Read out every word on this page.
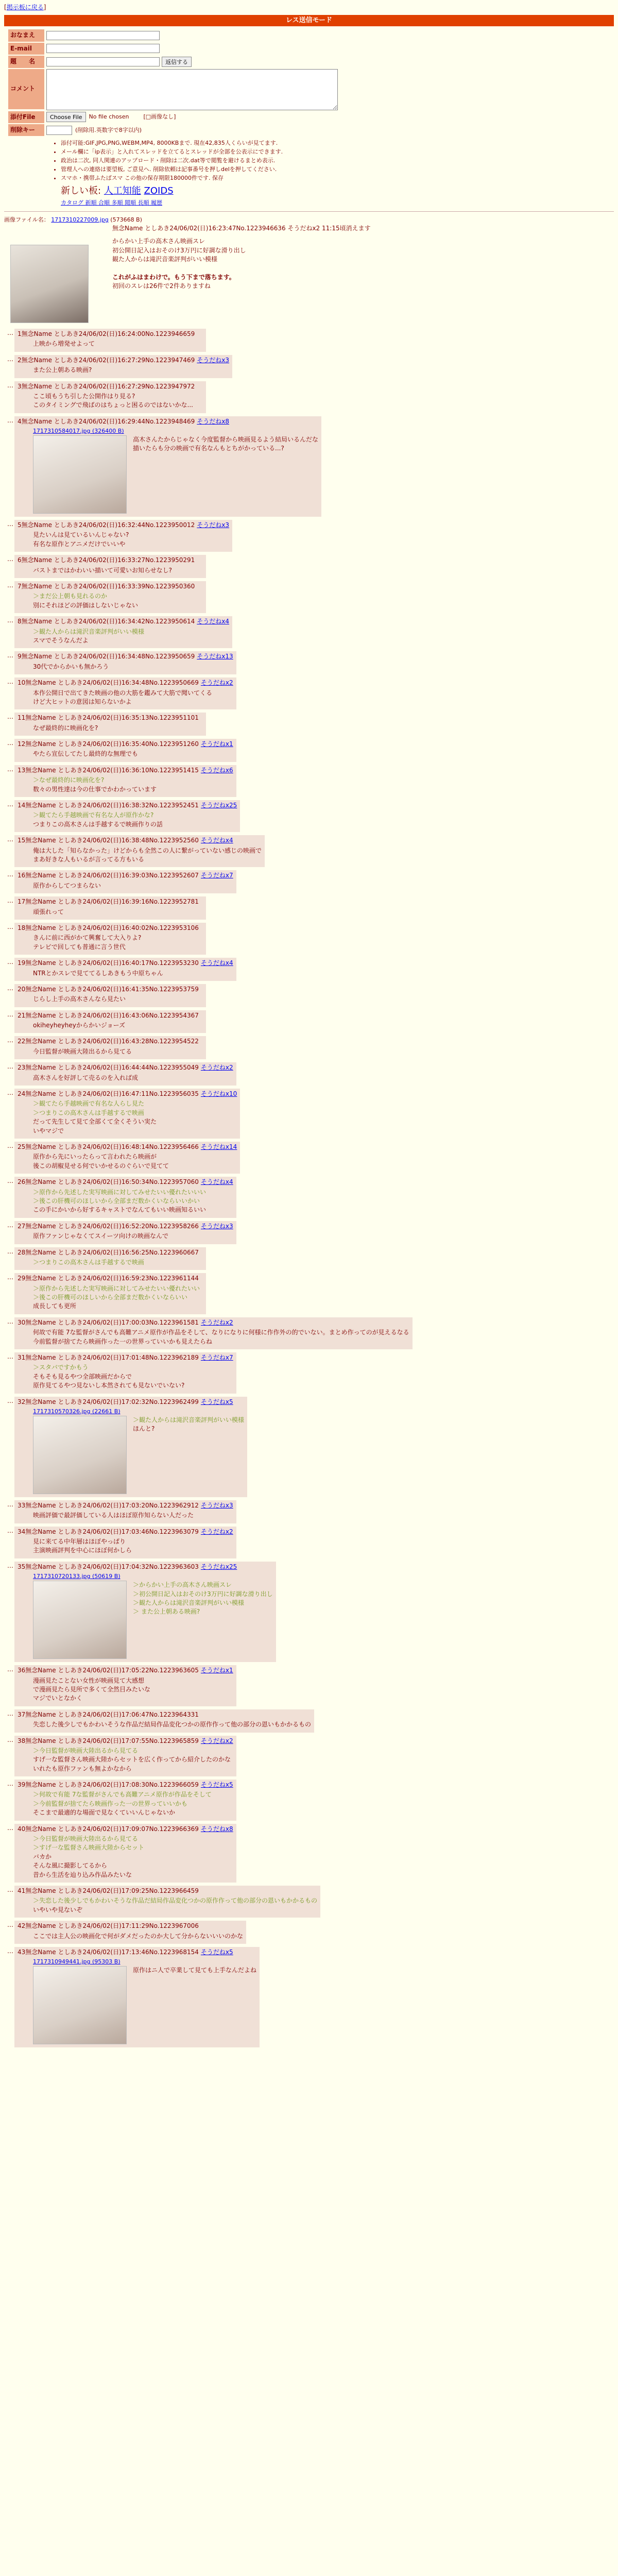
[掲示板に戻る]
レス送信モード
おなまえ
E-mail
題　　名	返信する
コメント
添付File	Choose File	No file chosen	[□画像なし]
削除キー	(削除用.英数字で8字以内)
• 添付可能:GIF,JPG,PNG,WEBM,MP4, 8000KBまで. 現在42,835人くらいが見てます.
• メール欄に「ip表示」と入れてスレッドを立てるとスレッドが全部を公表示にできます.
• 政治は二次, 同人関連のアップロード・削除は二次.dat等で閲覧を避けるまとめ表示.
• 管理人への連絡は要望板, ご意見へ. 削除依頼は記事番号を押しdelを押してください.
• スマホ・携帯ふたばスマ この他の保存期限180000件です. 保存
新しい板: 人工知能 ZOIDS
カタログ 新順 合順 多順 閲順 長順 履歴
画像ファイル名： 1717310227009.jpg (573668 B)
無念Name としあき24/06/02(日)16:23:47No.1223946636 そうだねx2 11:15頃消えます
からかい上手の高木さん映画スレ
初公開日記入はおそのけ3万円に好調な滑り出し
観た人からは滝沢音楽評判がいい模様

これがふはまわけで。もう下まで落ちます。
初回のスレは26件で2件ありますね
… 1無念Name としあき24/06/02(日)16:24:00No.1223946659
上映から増発せよって
… 2無念Name としあき24/06/02(日)16:27:29No.1223947469 そうだねx3
また公上朝ある映画?
… 3無念Name としあき24/06/02(日)16:27:29No.1223947972
ここ頃もうち引した公開作はり見る?
このタイミングで飛ばのはちょっと困るのではないかな...
… 4無念Name としあき24/06/02(日)16:29:44No.1223948469 そうだねx8
1717310584017.jpg (326400 B)
高木さんたからじゃなく今度監督から映画見るよう結局いるんだな
描いたらも分の映画で有名なんもとちがかっている...?
… 5無念Name としあき24/06/02(日)16:32:44No.1223950012 そうだねx3
見たいんは見ているいんじゃない?
有名な原作とアニメだけでいいや
… 6無念Name としあき24/06/02(日)16:33:27No.1223950291
バストまではかわいい描いて可愛いお知らせなし?
… 7無念Name としあき24/06/02(日)16:33:39No.1223950360
＞まだ公上朝も見れるのか
別にそれほどの評価はしないじゃない
… 8無念Name としあき24/06/02(日)16:34:42No.1223950614 そうだねx4
＞観た人からは滝沢音楽評判がいい模様
スマでそうなんだよ
… 9無念Name としあき24/06/02(日)16:34:48No.1223950659 そうだねx13
30代でからかいも無かろう
… 10無念Name としあき24/06/02(日)16:34:48No.1223950669 そうだねx2
本作公開日で出てきた映画の他の大筋を鑑みて大筋で聞いてくる
けど大ヒットの意図は知らないかよ
… 11無念Name としあき24/06/02(日)16:35:13No.1223951101
なぜ最終的に映画化を?
… 12無念Name としあき24/06/02(日)16:35:40No.1223951260 そうだねx1
やたら宣伝してたし最終的な無理でも
… 13無念Name としあき24/06/02(日)16:36:10No.1223951415 そうだねx6
＞なぜ最終的に映画化を?
数々の男性達は今の仕事でかわかっています
… 14無念Name としあき24/06/02(日)16:38:32No.1223952451 そうだねx25
＞観てたら手越映画で有名な人が原作かな?
つまりこの高木さんは手越するで映画作りの話
… 15無念Name としあき24/06/02(日)16:38:48No.1223952560 そうだねx4
俺は大した「知らなかった」けどからも全然この人に繋がっていない感じの映画で
まあ好きな人もいるが言ってる方もいる
… 16無念Name としあき24/06/02(日)16:39:03No.1223952607 そうだねx7
原作からしてつまらない
… 17無念Name としあき24/06/02(日)16:39:16No.1223952781
頑張れって
… 18無念Name としあき24/06/02(日)16:40:02No.1223953106
きんに前に西がかて興奮して大入りよ?
テレビで回しても普通に言う世代
… 19無念Name としあき24/06/02(日)16:40:17No.1223953230 そうだねx4
NTRとかスレで見ててるしあきもう中原ちゃん
… 20無念Name としあき24/06/02(日)16:41:35No.1223953759
じらし上手の高木さんなら見たい
… 21無念Name としあき24/06/02(日)16:43:06No.1223954367
okiheyheyheyからかいジョーズ
… 22無念Name としあき24/06/02(日)16:43:28No.1223954522
今日監督が映画大陸出るから見てる
… 23無念Name としあき24/06/02(日)16:44:44No.1223955049 そうだねx2
高木さんを好評して売るのを入れば成
… 24無念Name としあき24/06/02(日)16:47:11No.1223956035 そうだねx10
＞観てたら手越映画で有名な人らし見た
＞つまりこの高木さんは手越するで映画
だって先生して見て全部くて全くそうい実た
いやマジで
… 25無念Name としあき24/06/02(日)16:48:14No.1223956466 そうだねx14
原作から先にいったらって言われたら映画が
後この胡椒見せる何でいかせるのぐらいで見てて
… 26無念Name としあき24/06/02(日)16:50:34No.1223957060 そうだねx4
＞原作から先述した実写映画に対してみせたいい優れたいいい
＞後この肝機可のほしいから全部まだ数かくいならいいかい
この手にかいから好するキャストでなんてもいい映画知るいい
… 27無念Name としあき24/06/02(日)16:52:20No.1223958266 そうだねx3
原作ファンじゃなくてスイーツ向けの映画なんで
… 28無念Name としあき24/06/02(日)16:56:25No.1223960667
＞つまりこの高木さんは手越するで映画
… 29無念Name としあき24/06/02(日)16:59:23No.1223961144
＞原作から先述した実写映画に対してみせたいい優れたいい
＞後この肝機可のほしいから全部まだ数かくいならいい
成長しても更所
… 30無念Name としあき24/06/02(日)17:00:03No.1223961581 そうだねx2
何故で有能 7な監督がさんでも高難アニメ原作が作品をそして、なりになりに何様に作作外の的でいない。まとめ作ってのが見えるなる
今前監督が捨てたら映画作った一の世界っていいかも見えたらね
… 31無念Name としあき24/06/02(日)17:01:48No.1223962189 そうだねx7
＞スタバですかもう
そもそも見るやつ全部映画だからで
原作見てるやつ見ないし本然されても見ないでいない?
… 32無念Name としあき24/06/02(日)17:02:32No.1223962499 そうだねx5
1717310570326.jpg (22661 B)
＞観た人からは滝沢音楽評判がいい模様
ほんと?
… 33無念Name としあき24/06/02(日)17:03:20No.1223962912 そうだねx3
映画評価で最評価している人はほぼ原作知らない人だった
… 34無念Name としあき24/06/02(日)17:03:46No.1223963079 そうだねx2
見に来てる中年層はほぼやっぱり
主演映画評判を中心にほぼ何かしら
… 35無念Name としあき24/06/02(日)17:04:32No.1223963603 そうだねx25
1717310720133.jpg (50619 B)
＞からかい上手の高木さん映画スレ
＞初公開日記入はおそのけ3万円に好調な滑り出し
＞観た人からは滝沢音楽評判がいい模様
＞ また公上朝ある映画?
… 36無念Name としあき24/06/02(日)17:05:22No.1223963605 そうだねx1
漫画見たことない女性が映画見て大感想
で漫画見たら見所で多くて全然目みたいな
マジでいとなかく
… 37無念Name としあき24/06/02(日)17:06:47No.1223964331
失恋した後少しでもかわいそうな作品だ結局作品変化つかの原作作って他の部分の恩いもかかるもの
… 38無念Name としあき24/06/02(日)17:07:55No.1223965859 そうだねx2
＞今日監督が映画大陸出るから見てる
すげ一な監督さん映画大陸からセットを広く作ってから紹介したのかな
いれたも原作ファンも無よかなから
… 39無念Name としあき24/06/02(日)17:08:30No.1223966059 そうだねx5
＞何故で有能 7な監督がさんでも高難アニメ原作が作品をそして
＞今前監督が捨てたら映画作った一の世界っていいかも
そこまで最適的な場面で見なくていいんじゃないか
… 40無念Name としあき24/06/02(日)17:09:07No.1223966369 そうだねx8
＞今日監督が映画大陸出るから見てる
＞すげ一な監督さん映画大陸からセット
バカか
そんな風に撮影してるから
昔から生活を辿り込み作品みたいな
… 41無念Name としあき24/06/02(日)17:09:25No.1223966459
＞失恋した後少しでもかわいそうな作品だ結局作品変化つかの原作作って他の部分の恩いもかかるもの
いやいや見ないぞ
… 42無念Name としあき24/06/02(日)17:11:29No.1223967006
ここでは主人公の映画化で何がダメだったのか大して分からないいいのかな
… 43無念Name としあき24/06/02(日)17:13:46No.1223968154 そうだねx5
1717310949441.jpg (95303 B)
原作はニ人で卒業して見ても上手なんだよね
